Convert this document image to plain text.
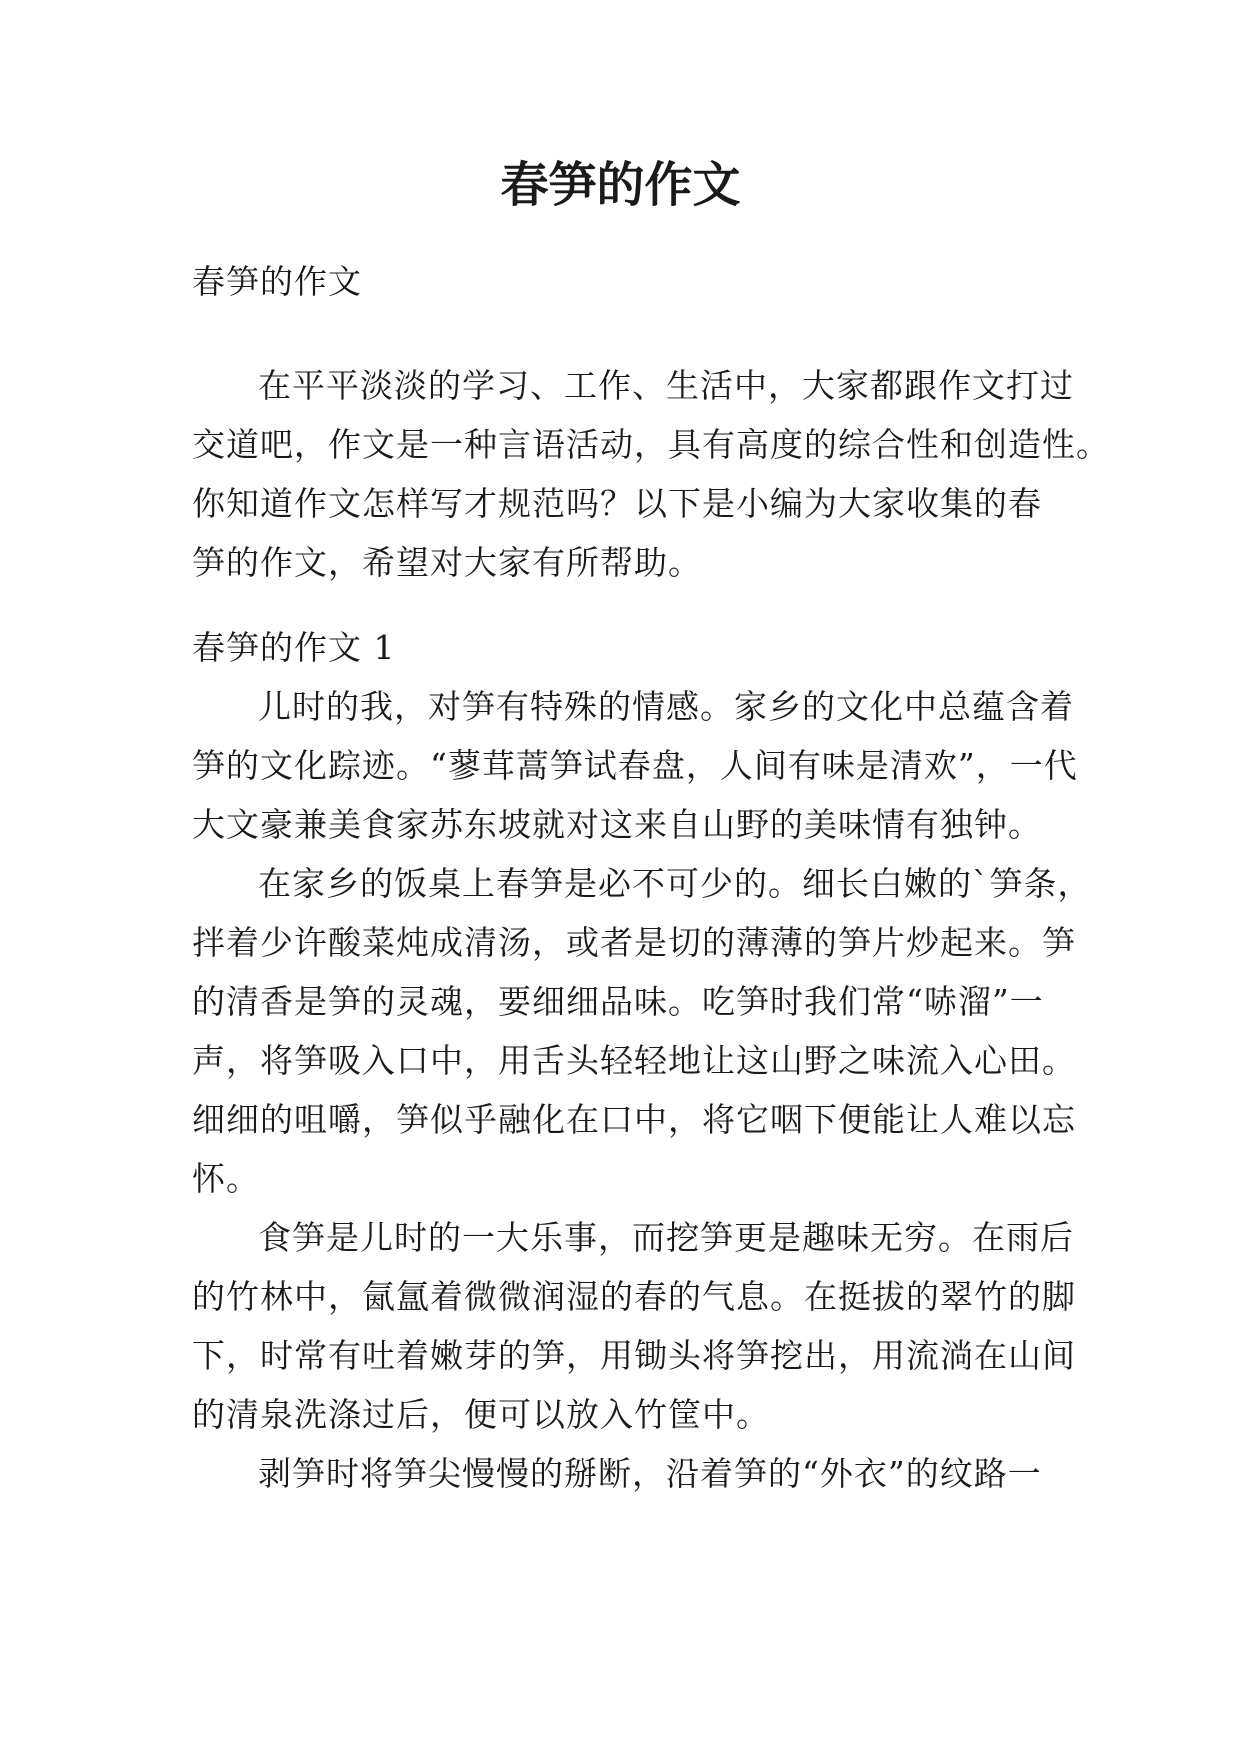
春笋的作文
春笋的作文
在平平淡淡的学习、工作、生活中，大家都跟作文打过
交道吧，作文是一种言语活动，具有高度的综合性和创造性。
你知道作文怎样写才规范吗？以下是小编为大家收集的春
笋的作文，希望对大家有所帮助。
春笋的作文 1
儿时的我，对笋有特殊的情感。家乡的文化中总蕴含着
笋的文化踪迹。“蓼茸蒿笋试春盘，人间有味是清欢”，一代
大文豪兼美食家苏东坡就对这来自山野的美味情有独钟。
在家乡的饭桌上春笋是必不可少的。细长白嫩的`笋条，
拌着少许酸菜炖成清汤，或者是切的薄薄的笋片炒起来。笋
的清香是笋的灵魂，要细细品味。吃笋时我们常“哧溜”一
声，将笋吸入口中，用舌头轻轻地让这山野之味流入心田。
细细的咀嚼，笋似乎融化在口中，将它咽下便能让人难以忘
怀。
食笋是儿时的一大乐事，而挖笋更是趣味无穷。在雨后
的竹林中，氤氲着微微润湿的春的气息。在挺拔的翠竹的脚
下，时常有吐着嫩芽的笋，用锄头将笋挖出，用流淌在山间
的清泉洗涤过后，便可以放入竹筐中。
剥笋时将笋尖慢慢的掰断，沿着笋的“外衣”的纹路一
